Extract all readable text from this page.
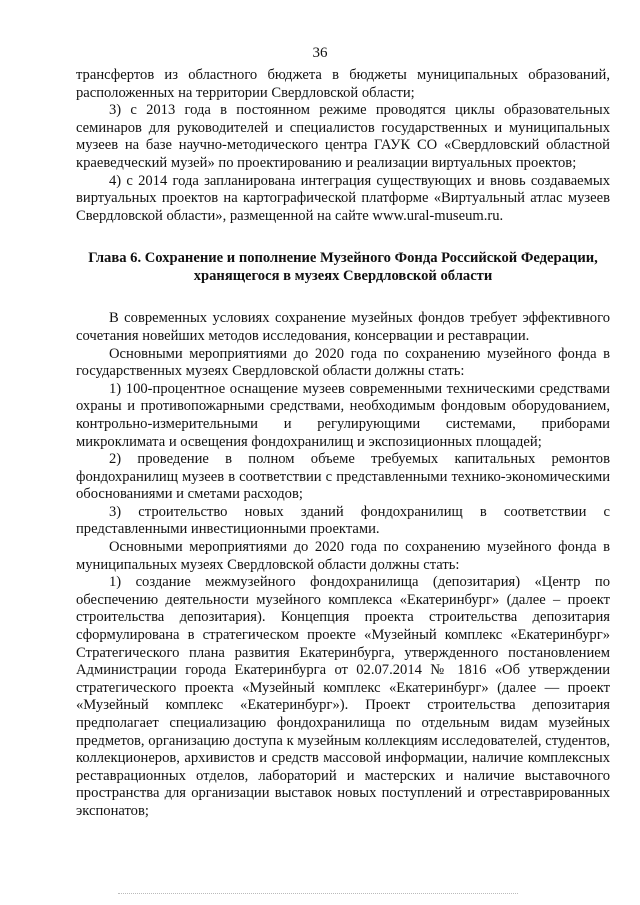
36

трансфертов из областного бюджета в бюджеты муниципальных образований, расположенных на территории Свердловской области;

3) с 2013 года в постоянном режиме проводятся циклы образовательных семинаров для руководителей и специалистов государственных и муниципальных музеев на базе научно-методического центра ГАУК СО «Свердловский областной краеведческий музей» по проектированию и реализации виртуальных проектов;

4) с 2014 года запланирована интеграция существующих и вновь создаваемых виртуальных проектов на картографической платформе «Виртуальный атлас музеев Свердловской области», размещенной на сайте www.ural-museum.ru.

Глава 6. Сохранение и пополнение Музейного Фонда Российской Федерации,
хранящегося в музеях Свердловской области

В современных условиях сохранение музейных фондов требует эффективного сочетания новейших методов исследования, консервации и реставрации.

Основными мероприятиями до 2020 года по сохранению музейного фонда в государственных музеях Свердловской области должны стать:

1) 100-процентное оснащение музеев современными техническими средствами охраны и противопожарными средствами, необходимым фондовым оборудованием, контрольно-измерительными и регулирующими системами, приборами микроклимата и освещения фондохранилищ и экспозиционных площадей;

2) проведение в полном объеме требуемых капитальных ремонтов фондохранилищ музеев в соответствии с представленными технико-экономическими обоснованиями и сметами расходов;

3) строительство новых зданий фондохранилищ в соответствии с представленными инвестиционными проектами.

Основными мероприятиями до 2020 года по сохранению музейного фонда в муниципальных музеях Свердловской области должны стать:

1) создание межмузейного фондохранилища (депозитария) «Центр по обеспечению деятельности музейного комплекса «Екатеринбург» (далее – проект строительства депозитария). Концепция проекта строительства депозитария сформулирована в стратегическом проекте «Музейный комплекс «Екатеринбург» Стратегического плана развития Екатеринбурга, утвержденного постановлением Администрации города Екатеринбурга от 02.07.2014 № 1816 «Об утверждении стратегического проекта «Музейный комплекс «Екатеринбург» (далее — проект «Музейный комплекс «Екатеринбург»). Проект строительства депозитария предполагает специализацию фондохранилища по отдельным видам музейных предметов, организацию доступа к музейным коллекциям исследователей, студентов, коллекционеров, архивистов и средств массовой информации, наличие комплексных реставрационных отделов, лабораторий и мастерских и наличие выставочного пространства для организации выставок новых поступлений и отреставрированных экспонатов;
